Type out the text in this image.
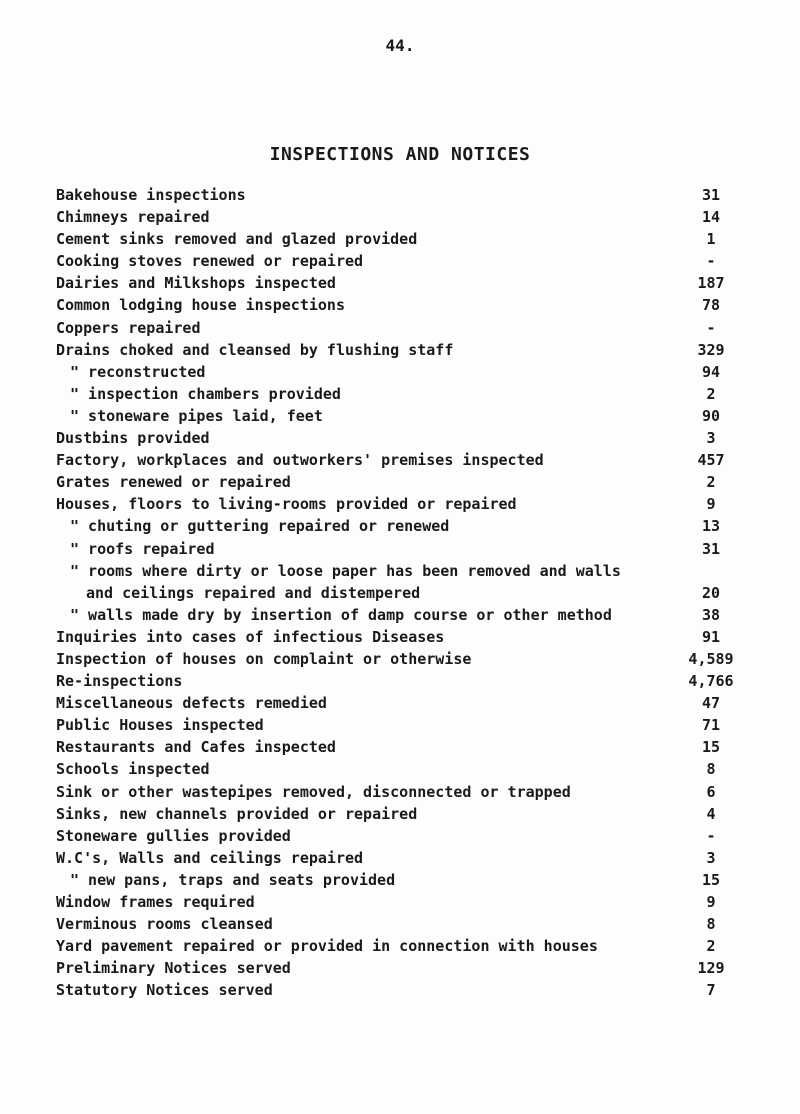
44.
INSPECTIONS AND NOTICES
Bakehouse inspections	31
Chimneys repaired	14
Cement sinks removed and glazed provided	1
Cooking stoves renewed or repaired	-
Dairies and Milkshops inspected	187
Common lodging house inspections	78
Coppers repaired	-
Drains choked and cleansed by flushing staff	329
" reconstructed	94
" inspection chambers provided	2
" stoneware pipes laid, feet	90
Dustbins provided	3
Factory, workplaces and outworkers' premises inspected	457
Grates renewed or repaired	2
Houses, floors to living-rooms provided or repaired	9
" chuting or guttering repaired or renewed	13
" roofs repaired	31
" rooms where dirty or loose paper has been removed and walls
and ceilings repaired and distempered	20
" walls made dry by insertion of damp course or other method	38
Inquiries into cases of infectious Diseases	91
Inspection of houses on complaint or otherwise	4,589
Re-inspections	4,766
Miscellaneous defects remedied	47
Public Houses inspected	71
Restaurants and Cafes inspected	15
Schools inspected	8
Sink or other wastepipes removed, disconnected or trapped	6
Sinks, new channels provided or repaired	4
Stoneware gullies provided	-
W.C's, Walls and ceilings repaired	3
" new pans, traps and seats provided	15
Window frames required	9
Verminous rooms cleansed	8
Yard pavement repaired or provided in connection with houses	2
Preliminary Notices served	129
Statutory Notices served	7
